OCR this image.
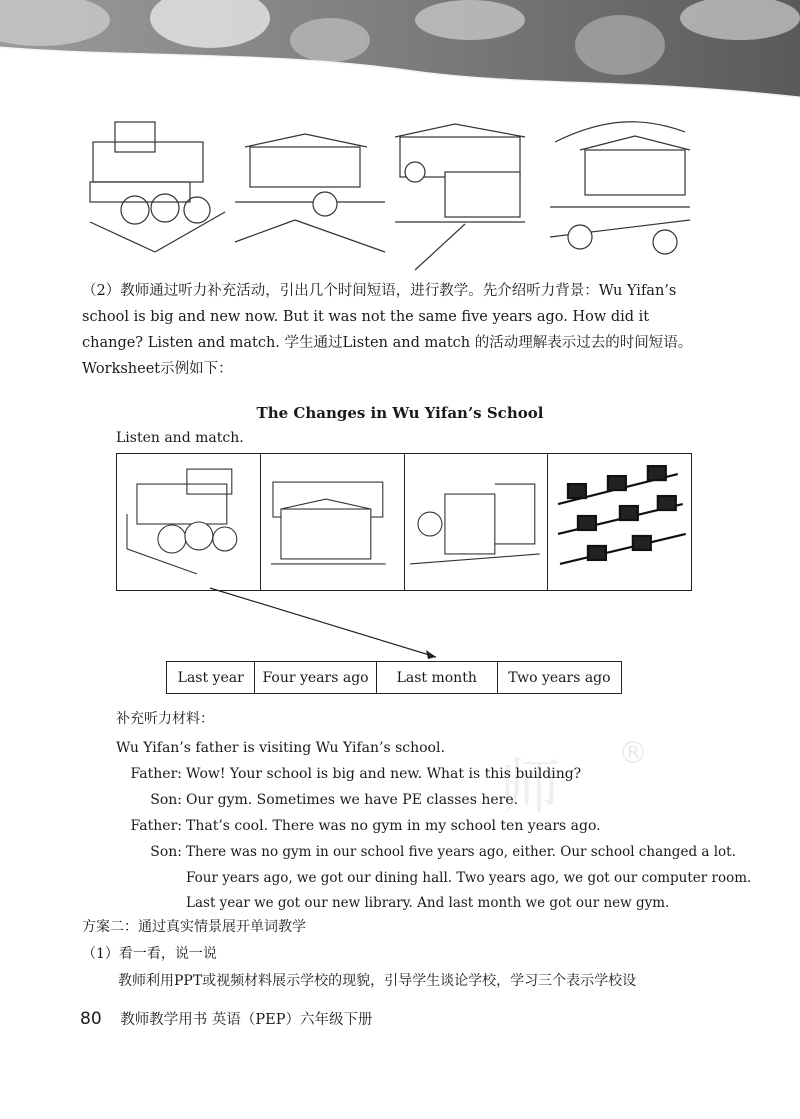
（2）教师通过听力补充活动，引出几个时间短语，进行教学。先介绍听力背景：Wu Yifan’s school is big and new now. But it was not the same five years ago. How did it change? Listen and match. 学生通过Listen and match 的活动理解表示过去的时间短语。Worksheet示例如下：

The Changes in Wu Yifan’s School
Listen and match.
Last year	Four years ago	Last month	Two years ago
师 ®
补充听力材料：
Wu Yifan’s father is visiting Wu Yifan’s school.
Father: Wow! Your school is big and new. What is this building?
Son: Our gym. Sometimes we have PE classes here.
Father: That’s cool. There was no gym in my school ten years ago.
Son: There was no gym in our school five years ago, either. Our school changed a lot.
Four years ago, we got our dining hall. Two years ago, we got our computer room.
Last year we got our new library. And last month we got our new gym.
方案二：通过真实情景展开单词教学
（1）看一看，说一说
教师利用PPT或视频材料展示学校的现貌，引导学生谈论学校，学习三个表示学校设
80 教师教学用书 英语（PEP）六年级下册
